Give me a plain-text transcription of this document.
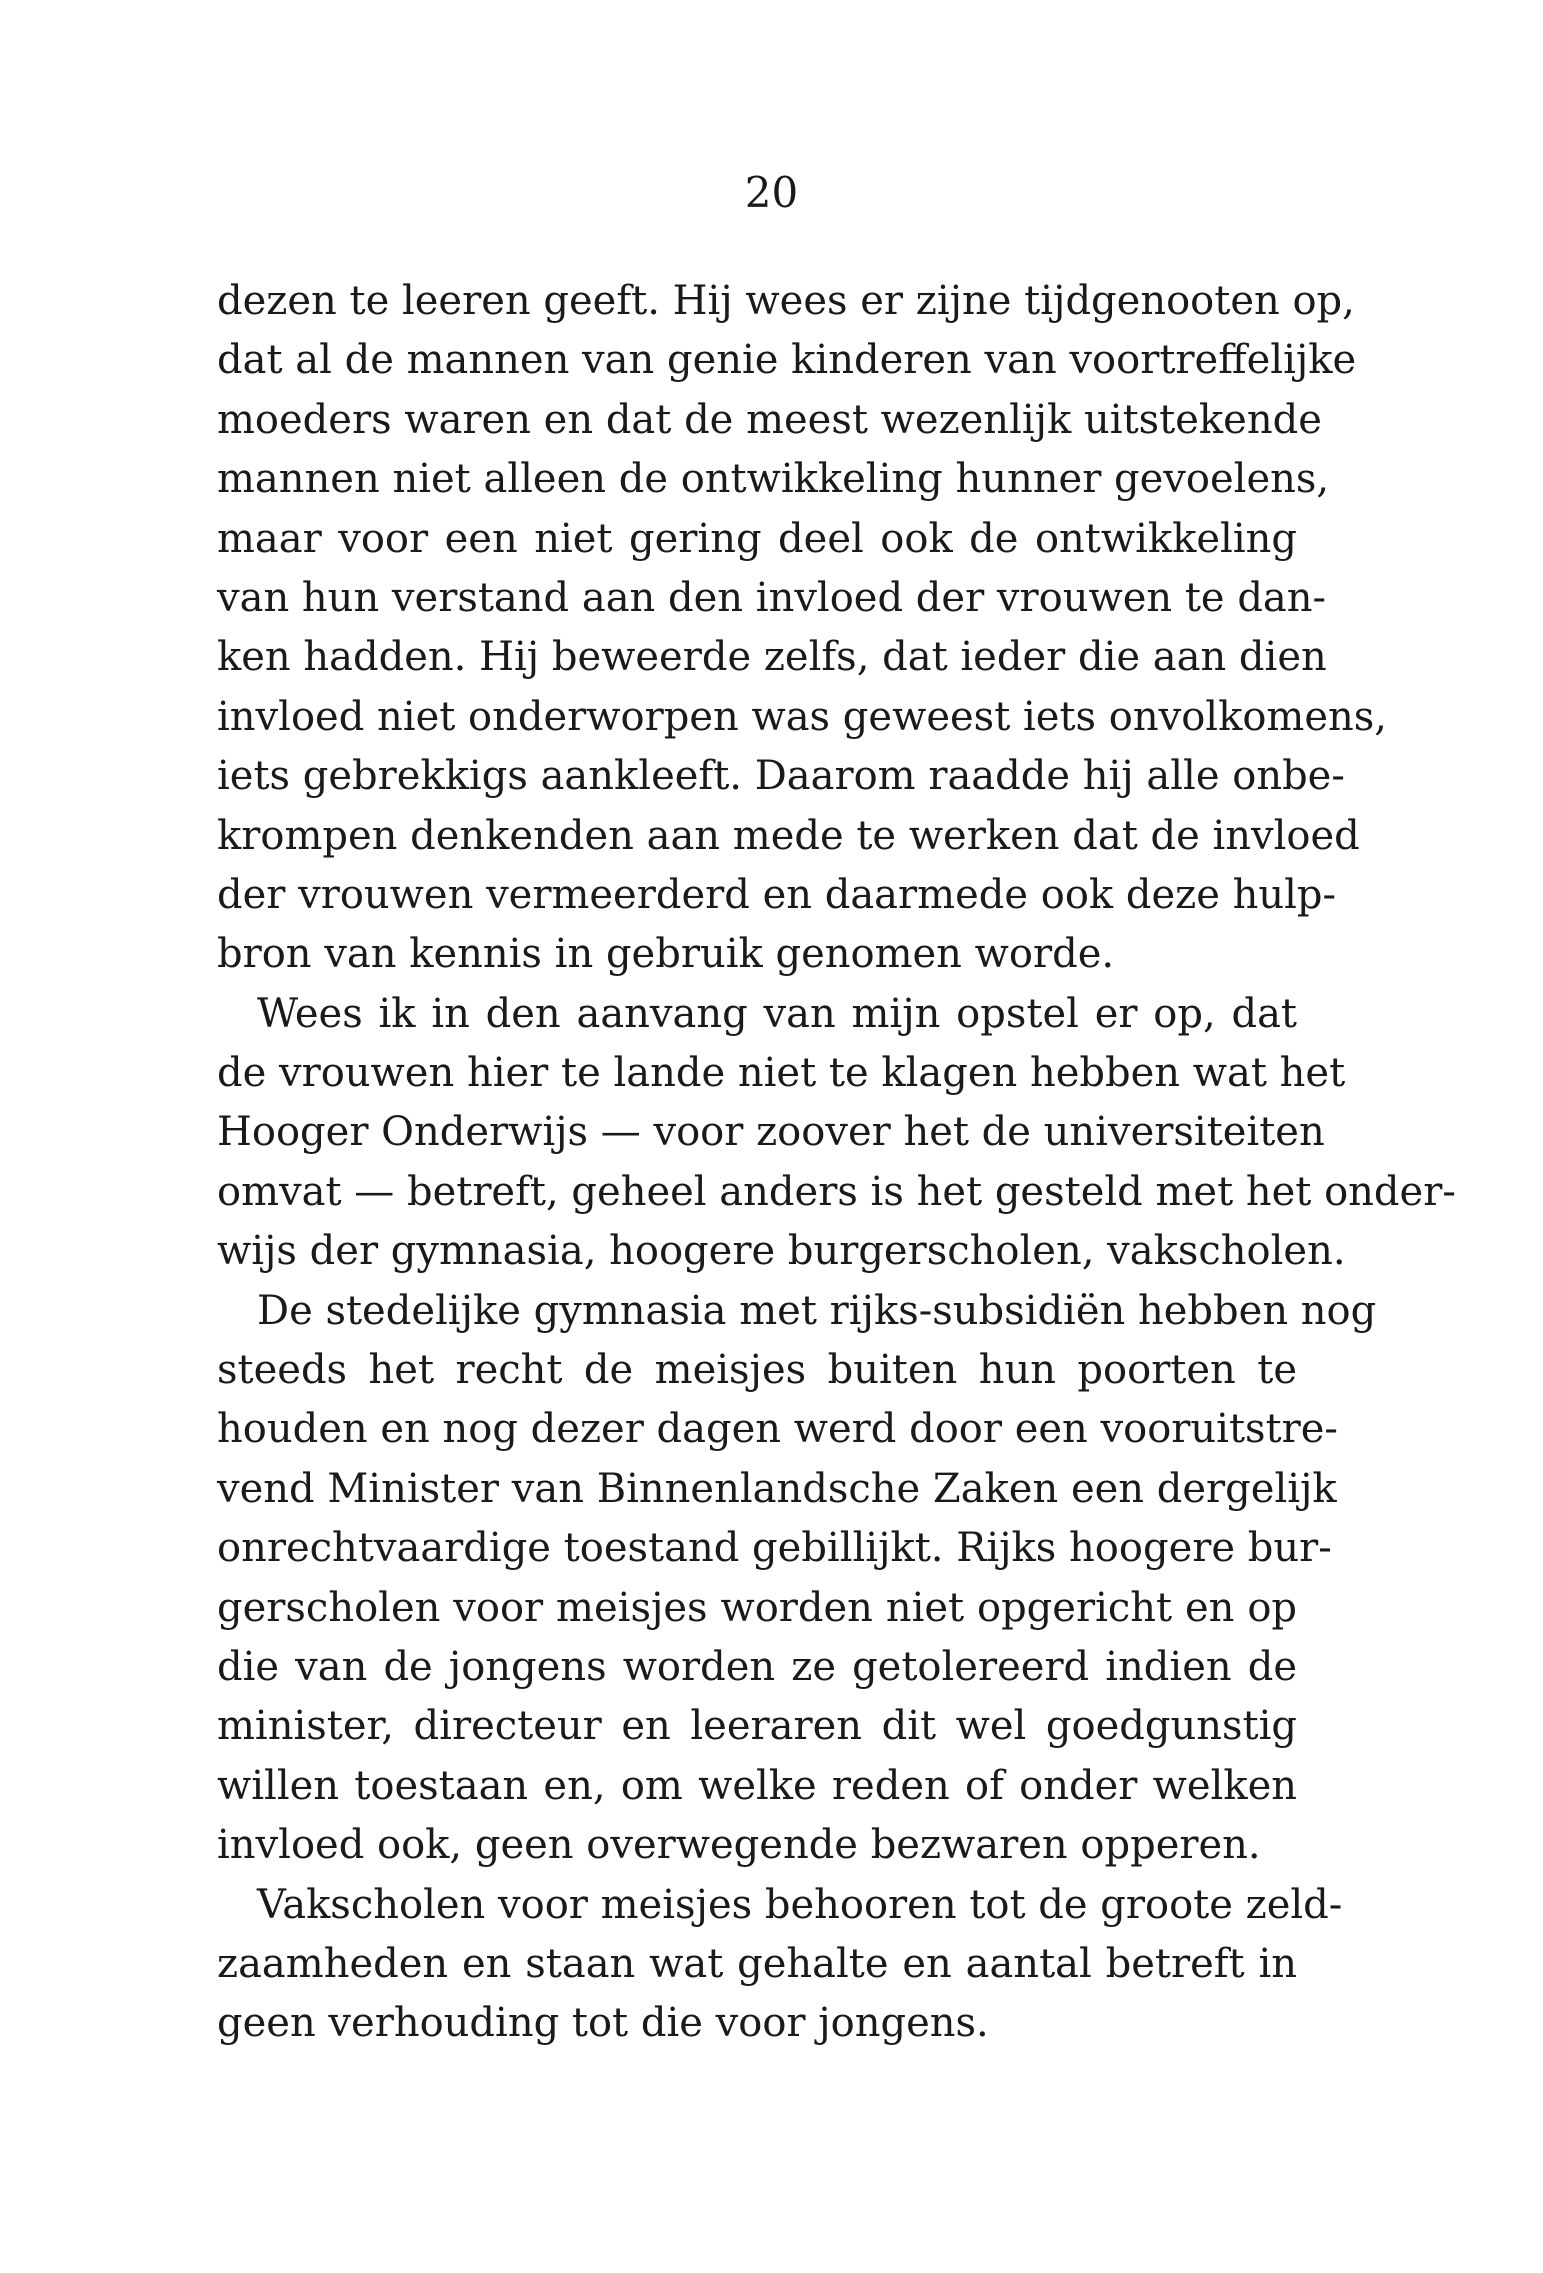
20
dezen te leeren geeft. Hij wees er zijne tijdgenooten op,
dat al de mannen van genie kinderen van voortreffelijke
moeders waren en dat de meest wezenlijk uitstekende
mannen niet alleen de ontwikkeling hunner gevoelens,
maar voor een niet gering deel ook de ontwikkeling
van hun verstand aan den invloed der vrouwen te dan-
ken hadden. Hij beweerde zelfs, dat ieder die aan dien
invloed niet onderworpen was geweest iets onvolkomens,
iets gebrekkigs aankleeft. Daarom raadde hij alle onbe-
krompen denkenden aan mede te werken dat de invloed
der vrouwen vermeerderd en daarmede ook deze hulp-
bron van kennis in gebruik genomen worde.
Wees ik in den aanvang van mijn opstel er op, dat
de vrouwen hier te lande niet te klagen hebben wat het
Hooger Onderwijs — voor zoover het de universiteiten
omvat — betreft, geheel anders is het gesteld met het onder-
wijs der gymnasia, hoogere burgerscholen, vakscholen.
De stedelijke gymnasia met rijks-subsidiën hebben nog
steeds het recht de meisjes buiten hun poorten te
houden en nog dezer dagen werd door een vooruitstre-
vend Minister van Binnenlandsche Zaken een dergelijk
onrechtvaardige toestand gebillijkt. Rijks hoogere bur-
gerscholen voor meisjes worden niet opgericht en op
die van de jongens worden ze getolereerd indien de
minister, directeur en leeraren dit wel goedgunstig
willen toestaan en, om welke reden of onder welken
invloed ook, geen overwegende bezwaren opperen.
Vakscholen voor meisjes behooren tot de groote zeld-
zaamheden en staan wat gehalte en aantal betreft in
geen verhouding tot die voor jongens.
